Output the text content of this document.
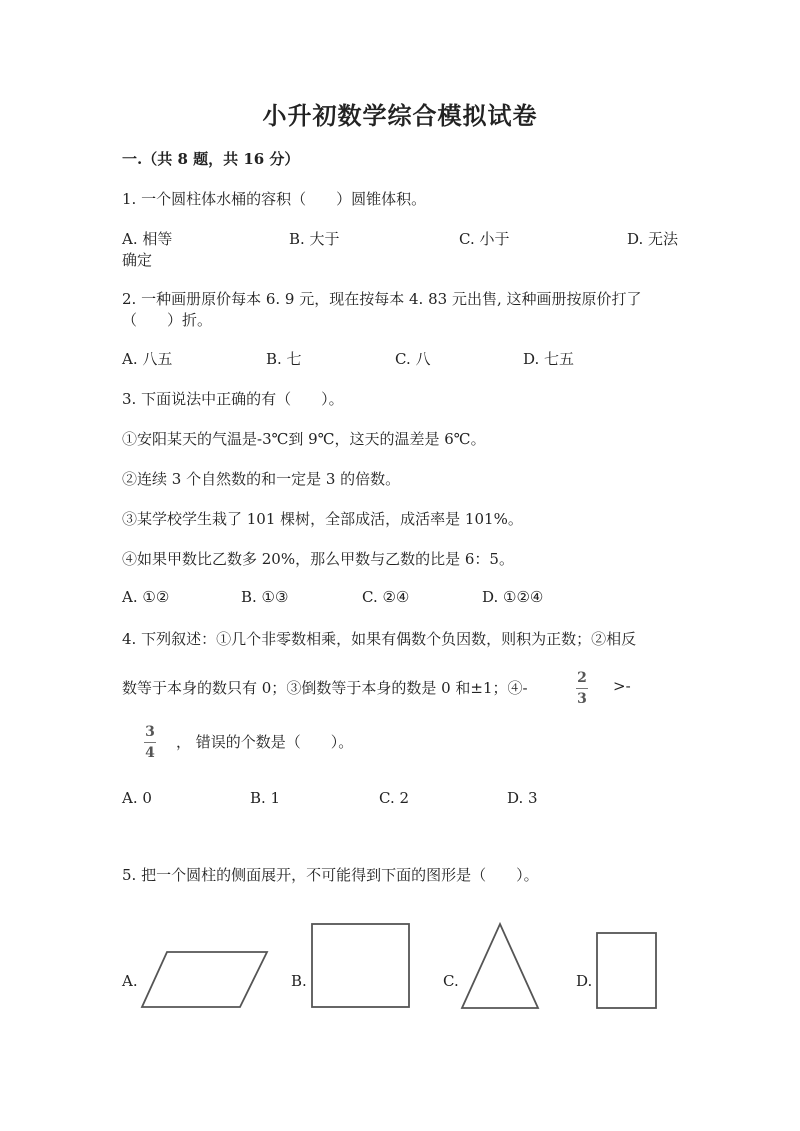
小升初数学综合模拟试卷
一.（共 8 题，共 16 分）
1. 一个圆柱体水桶的容积（　　）圆锥体积。
A. 相等	B. 大于	C. 小于	D. 无法
确定
2. 一种画册原价每本 6. 9 元，现在按每本 4. 83 元出售, 这种画册按原价打了
（　　）折。
A. 八五	B. 七	C. 八	D. 七五
3. 下面说法中正确的有（　　）。
①安阳某天的气温是-3℃到 9℃，这天的温差是 6℃。
②连续 3 个自然数的和一定是 3 的倍数。
③某学校学生栽了 101 棵树，全部成活，成活率是 101%。
④如果甲数比乙数多 20%，那么甲数与乙数的比是 6：5。
A. ①②	B. ①③	C. ②④	D. ①②④
4. 下列叙述：①几个非零数相乘，如果有偶数个负因数，则积为正数；②相反
数等于本身的数只有 0；③倒数等于本身的数是 0 和±1；④-
2
3
>-
3
4
， 错误的个数是（　　）。
A. 0	B. 1	C. 2	D. 3
5. 把一个圆柱的侧面展开，不可能得到下面的图形是（　　）。
A.	B.	C.	D.
